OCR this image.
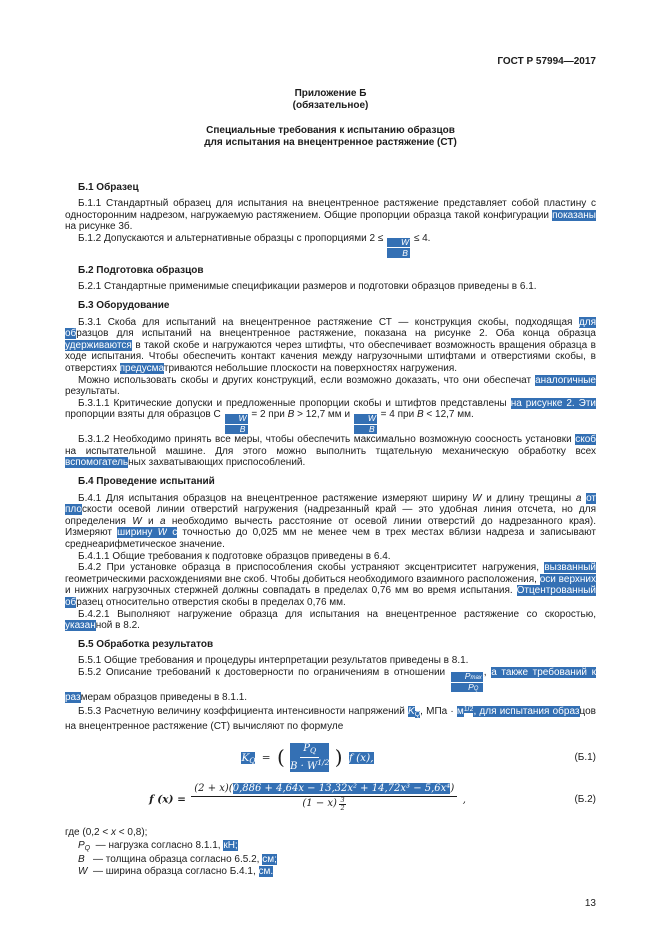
ГОСТ Р 57994—2017
Приложение Б
(обязательное)
Специальные требования к испытанию образцов
для испытания на внецентренное растяжение (СТ)
Б.1 Образец

Б.1.1 Стандартный образец для испытания на внецентренное растяжение представляет собой пластину с односторонним надрезом, нагружаемую растяжением. Общие пропорции образца такой конфигурации показаны на рисунке 3б.

Б.1.2 Допускаются и альтернативные образцы с пропорциями $2 \le \frac{W}{B} \le 4$.

Б.2 Подготовка образцов

Б.2.1 Стандартные применимые спецификации размеров и подготовки образцов приведены в 6.1.

Б.3 Оборудование

Б.3.1 Скоба для испытаний на внецентренное растяжение СТ — конструкция скобы, подходящая для образцов для испытаний на внецентренное растяжение, показана на рисунке 2. Оба конца образца удерживаются в такой скобе и нагружаются через штифты, что обеспечивает возможность вращения образца в ходе испытания. Чтобы обеспечить контакт качения между нагрузочными штифтами и отверстиями скобы, в отверстиях предусматриваются небольшие плоскости на поверхностях нагружения.

Можно использовать скобы и других конструкций, если возможно доказать, что они обеспечат аналогичные результаты.

Б.3.1.1 Критические допуски и предложенные пропорции скобы и штифтов представлены на рисунке 2. Эти пропорции взяты для образцов С $\frac{W}{B} = 2$ при В > 12,7 мм и $\frac{W}{B} = 4$ при В < 12,7 мм.

Б.3.1.2 Необходимо принять все меры, чтобы обеспечить максимально возможную соосность установки скоб на испытательной машине. Для этого можно выполнить тщательную механическую обработку всех вспомогательных захватывающих приспособлений.

Б.4 Проведение испытаний

Б.4.1 Для испытания образцов на внецентренное растяжение измеряют ширину W и длину трещины а от плоскости осевой линии отверстий нагружения (надрезанный край — это удобная линия отсчета, но для определения W и а необходимо вычесть расстояние от осевой линии отверстий до надрезанного края). Измеряют ширину W с точностью до 0,025 мм не менее чем в трех местах вблизи надреза и записывают среднеарифметическое значение.

Б.4.1.1 Общие требования к подготовке образцов приведены в 6.4.

Б.4.2 При установке образца в приспособления скобы устраняют эксцентриситет нагружения, вызванный геометрическими расхождениями вне скоб. Чтобы добиться необходимого взаимного расположения, оси верхних и нижних нагрузочных стержней должны совпадать в пределах 0,76 мм во время испытания. Отцентрованный образец относительно отверстия скобы в пределах 0,76 мм.

Б.4.2.1 Выполняют нагружение образца для испытания на внецентренное растяжение со скоростью, указанной в 8.2.

Б.5 Обработка результатов

Б.5.1 Общие требования и процедуры интерпретации результатов приведены в 8.1.

Б.5.2 Описание требований к достоверности по ограничениям в отношении $\frac{Pmax}{PQ}$ , а также требований к размерам образцов приведены в 8.1.1.

Б.5.3 Расчетную величину коэффициента интенсивности напряжений $K_Q$, МПа · $м^{1/2}$, для испытания образцов на внецентренное растяжение (СТ) вычисляют по формуле

KQ = ( $\frac{P_Q}{B \cdot W^{1/2}}$ ) f (x),	(Б.1)
f $(x) = \frac{\text{(2 + x)(0,886 + 4,64x − 13,32x² + 14,72x³ − 5,6x⁴)}}{(1 - x) \frac{3}{2}}$ ,	(Б.2)
где (0,2 < x < 0,8);
$P_Q$  — нагрузка согласно 8.1.1, кН;
В   — толщина образца согласно 6.5.2, см;
W  — ширина образца согласно Б.4.1, см.
13
